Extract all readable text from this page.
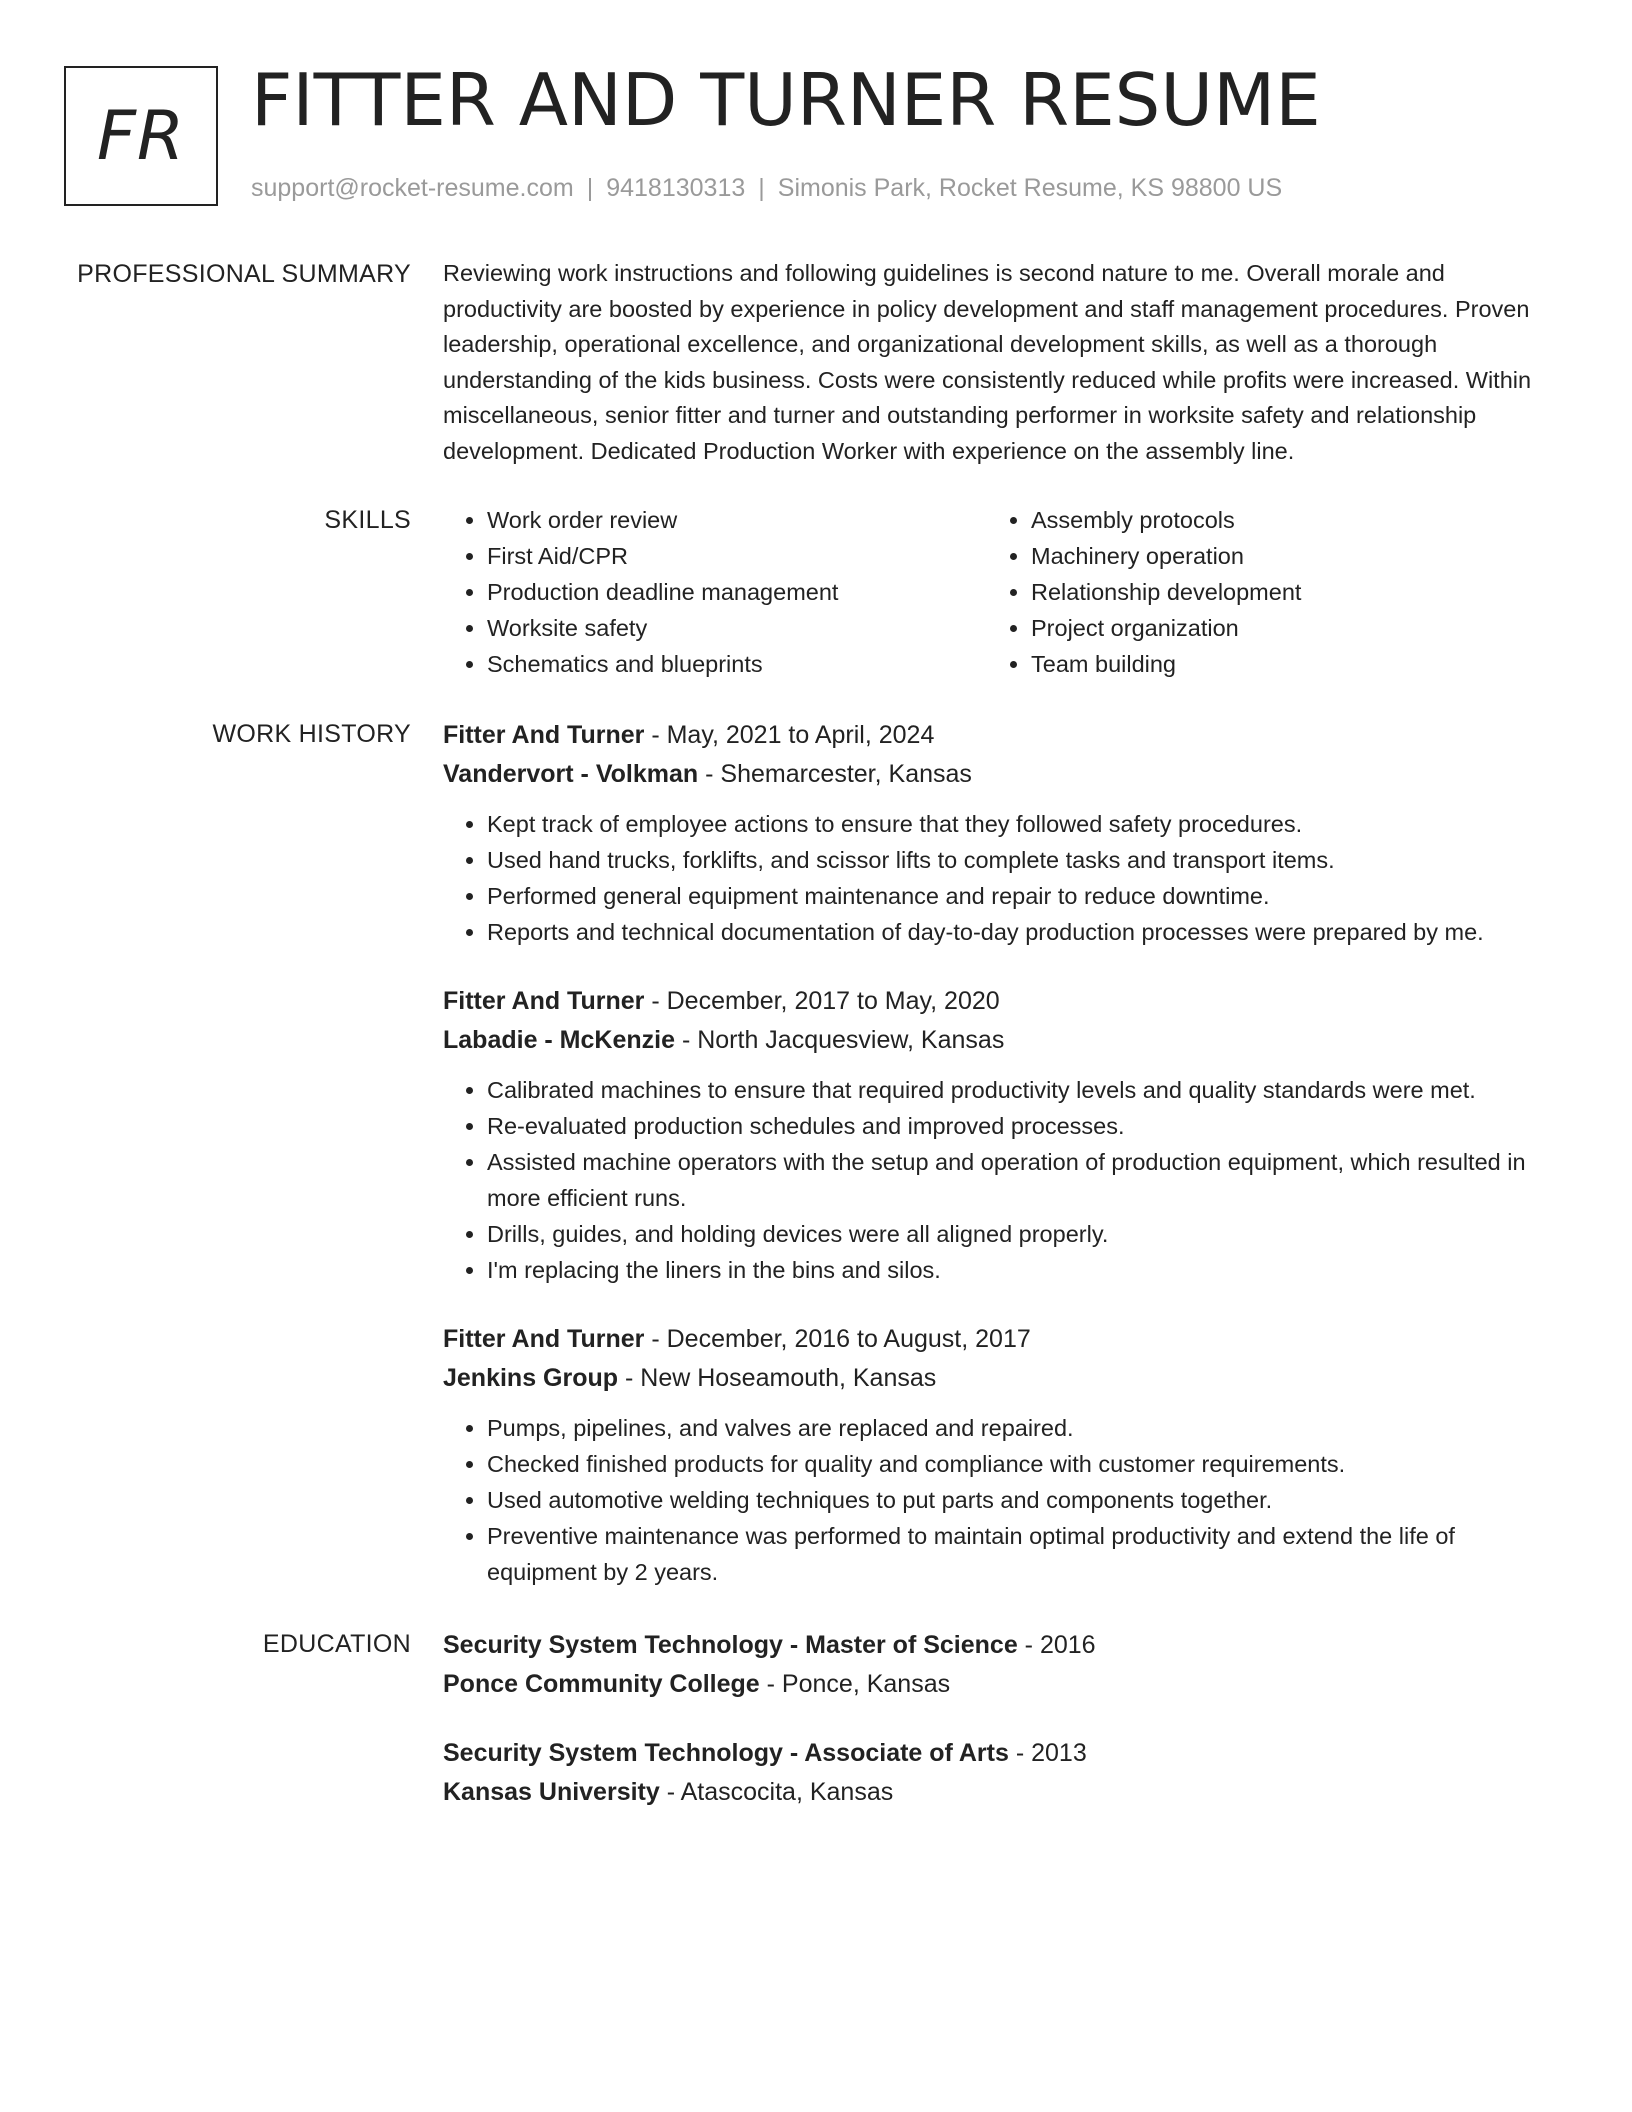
FR FITTER AND TURNER RESUME
support@rocket-resume.com | 9418130313 | Simonis Park, Rocket Resume, KS 98800 US
PROFESSIONAL SUMMARY Reviewing work instructions and following guidelines is second nature to me. Overall morale and productivity are boosted by experience in policy development and staff management procedures. Proven leadership, operational excellence, and organizational development skills, as well as a thorough understanding of the kids business. Costs were consistently reduced while profits were increased. Within miscellaneous, senior fitter and turner and outstanding performer in worksite safety and relationship development. Dedicated Production Worker with experience on the assembly line.

SKILLS
•	Work order review
• First Aid/CPR
• Production deadline management
• Worksite safety
• Schematics and blueprints
• Assembly protocols
• Machinery operation
• Relationship development
• Project organization
• Team building
WORK HISTORY Fitter And Turner - May, 2021 to April, 2024
Vandervort - Volkman - Shemarcester, Kansas
• Kept track of employee actions to ensure that they followed safety procedures.
• Used hand trucks, forklifts, and scissor lifts to complete tasks and transport items.
• Performed general equipment maintenance and repair to reduce downtime.
• Reports and technical documentation of day-to-day production processes were prepared by me.
Fitter And Turner - December, 2017 to May, 2020
Labadie - McKenzie - North Jacquesview, Kansas
• Calibrated machines to ensure that required productivity levels and quality standards were met.
• Re-evaluated production schedules and improved processes.
• Assisted machine operators with the setup and operation of production equipment, which resulted in more efficient runs.
• Drills, guides, and holding devices were all aligned properly.
• I'm replacing the liners in the bins and silos.
Fitter And Turner - December, 2016 to August, 2017
Jenkins Group - New Hoseamouth, Kansas
• Pumps, pipelines, and valves are replaced and repaired.
• Checked finished products for quality and compliance with customer requirements.
• Used automotive welding techniques to put parts and components together.
• Preventive maintenance was performed to maintain optimal productivity and extend the life of equipment by 2 years.
EDUCATION Security System Technology - Master of Science - 2016
Ponce Community College - Ponce, Kansas
Security System Technology - Associate of Arts - 2013
Kansas University - Atascocita, Kansas
